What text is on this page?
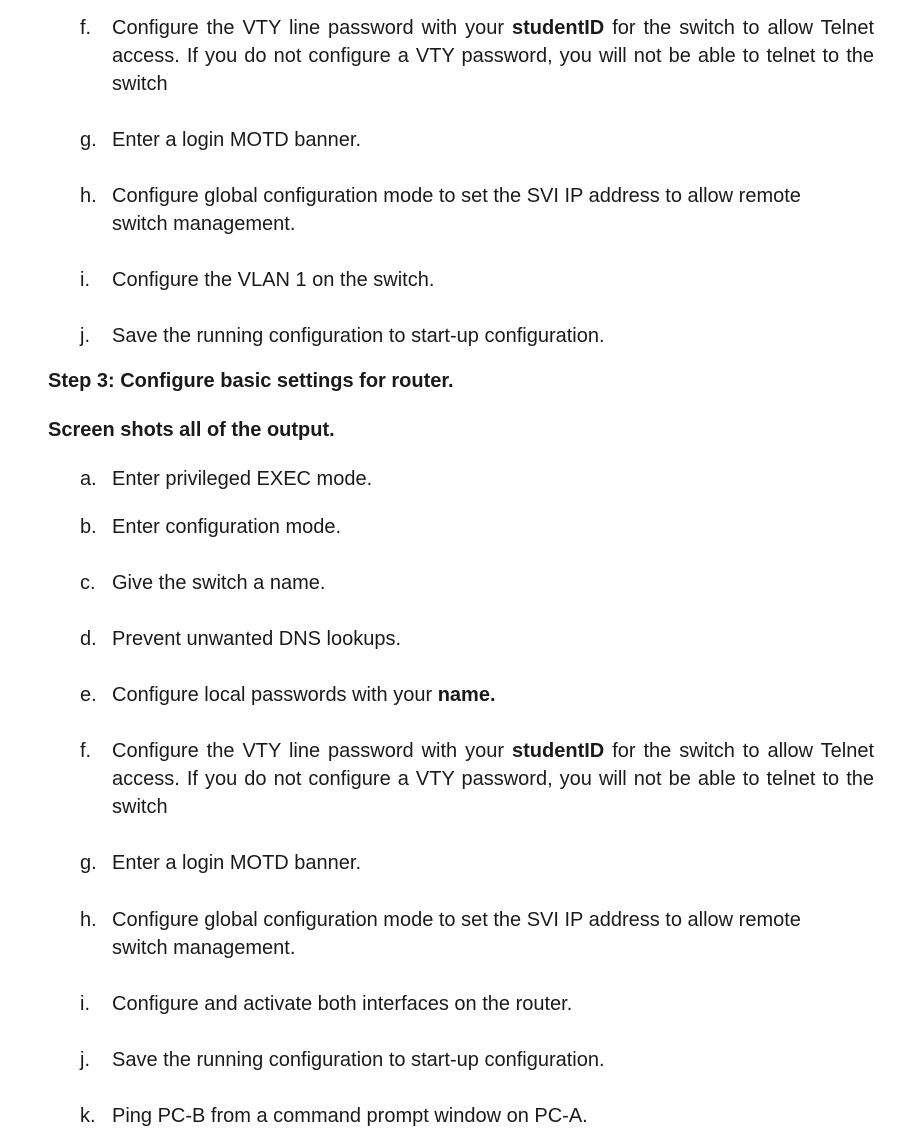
f.	Configure the VTY line password with your studentID for the switch to allow Telnet access. If you do not configure a VTY password, you will not be able to telnet to the switch
g. Enter a login MOTD banner.
h. Configure global configuration mode to set the SVI IP address to allow remote switch management.
i.	Configure the VLAN 1 on the switch.
j.	Save the running configuration to start-up configuration.
Step 3: Configure basic settings for router.
Screen shots all of the output.
a. Enter privileged EXEC mode.
b. Enter configuration mode.
c. Give the switch a name.
d. Prevent unwanted DNS lookups.
e. Configure local passwords with your name.
f.	Configure the VTY line password with your studentID for the switch to allow Telnet access. If you do not configure a VTY password, you will not be able to telnet to the switch
g. Enter a login MOTD banner.
h. Configure global configuration mode to set the SVI IP address to allow remote switch management.
i.	Configure and activate both interfaces on the router.
j.	Save the running configuration to start-up configuration.
k. Ping PC-B from a command prompt window on PC-A.
